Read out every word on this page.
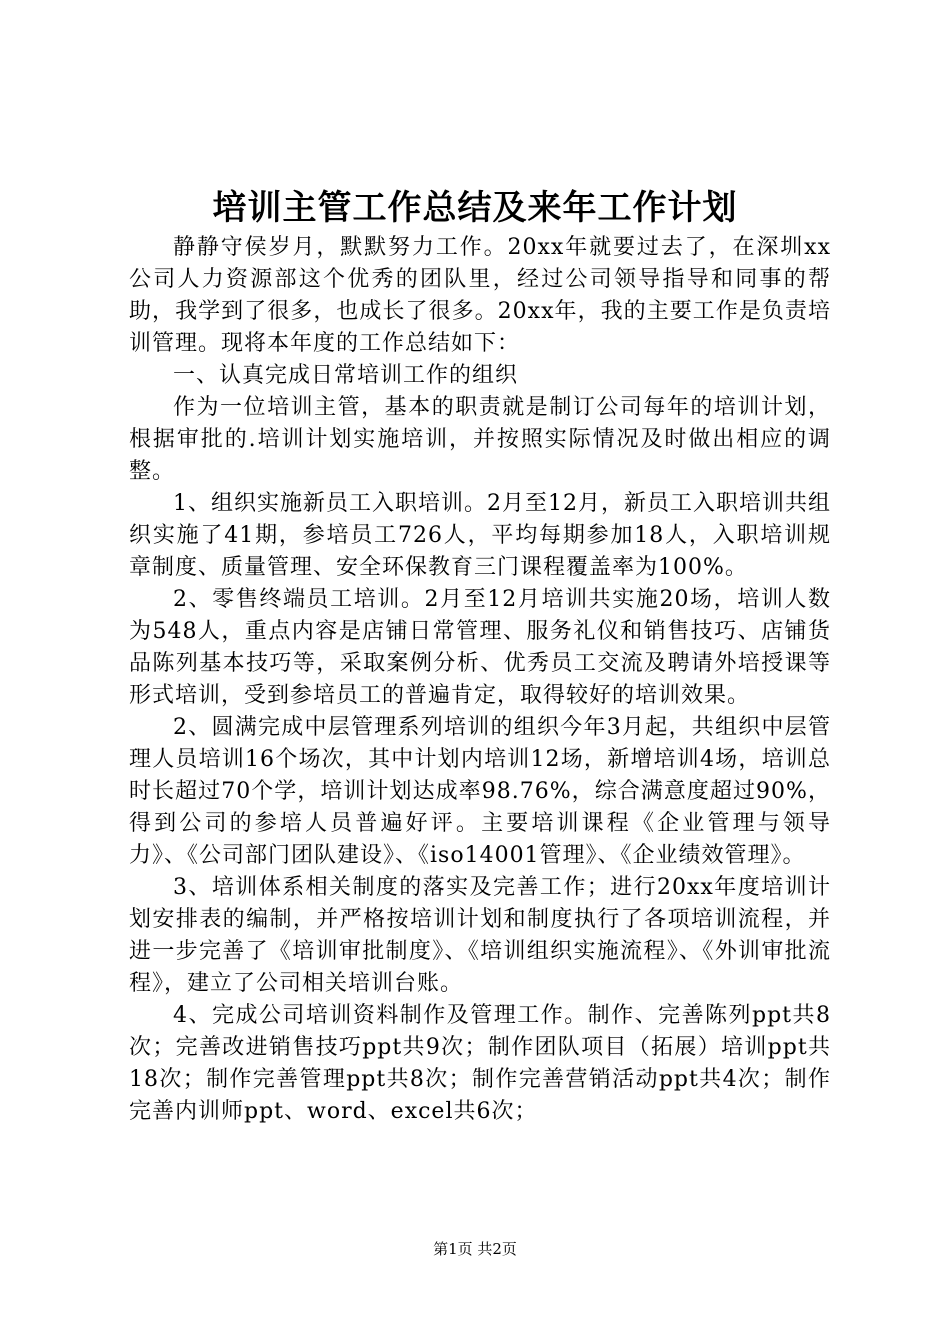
培训主管工作总结及来年工作计划

静静守侯岁月，默默努力工作。20xx年就要过去了，在深圳xx公司人力资源部这个优秀的团队里，经过公司领导指导和同事的帮助，我学到了很多，也成长了很多。20xx年，我的主要工作是负责培训管理。现将本年度的工作总结如下：

一、认真完成日常培训工作的组织

作为一位培训主管，基本的职责就是制订公司每年的培训计划，根据审批的.培训计划实施培训，并按照实际情况及时做出相应的调整。

1、组织实施新员工入职培训。2月至12月，新员工入职培训共组织实施了41期，参培员工726人，平均每期参加18人，入职培训规章制度、质量管理、安全环保教育三门课程覆盖率为100%。

2、零售终端员工培训。2月至12月培训共实施20场，培训人数为548人，重点内容是店铺日常管理、服务礼仪和销售技巧、店铺货品陈列基本技巧等，采取案例分析、优秀员工交流及聘请外培授课等形式培训，受到参培员工的普遍肯定，取得较好的培训效果。

2、圆满完成中层管理系列培训的组织今年3月起，共组织中层管理人员培训16个场次，其中计划内培训12场，新增培训4场，培训总时长超过70个学，培训计划达成率98.76%，综合满意度超过90%，得到公司的参培人员普遍好评。主要培训课程《企业管理与领导力》、《公司部门团队建设》、《iso14001管理》、《企业绩效管理》。

3、培训体系相关制度的落实及完善工作；进行20xx年度培训计划安排表的编制，并严格按培训计划和制度执行了各项培训流程，并进一步完善了《培训审批制度》、《培训组织实施流程》、《外训审批流程》，建立了公司相关培训台账。

4、完成公司培训资料制作及管理工作。制作、完善陈列ppt共8次；完善改进销售技巧ppt共9次；制作团队项目（拓展）培训ppt共18次；制作完善管理ppt共8次；制作完善营销活动ppt共4次；制作完善内训师ppt、word、excel共6次；

第1页 共2页
